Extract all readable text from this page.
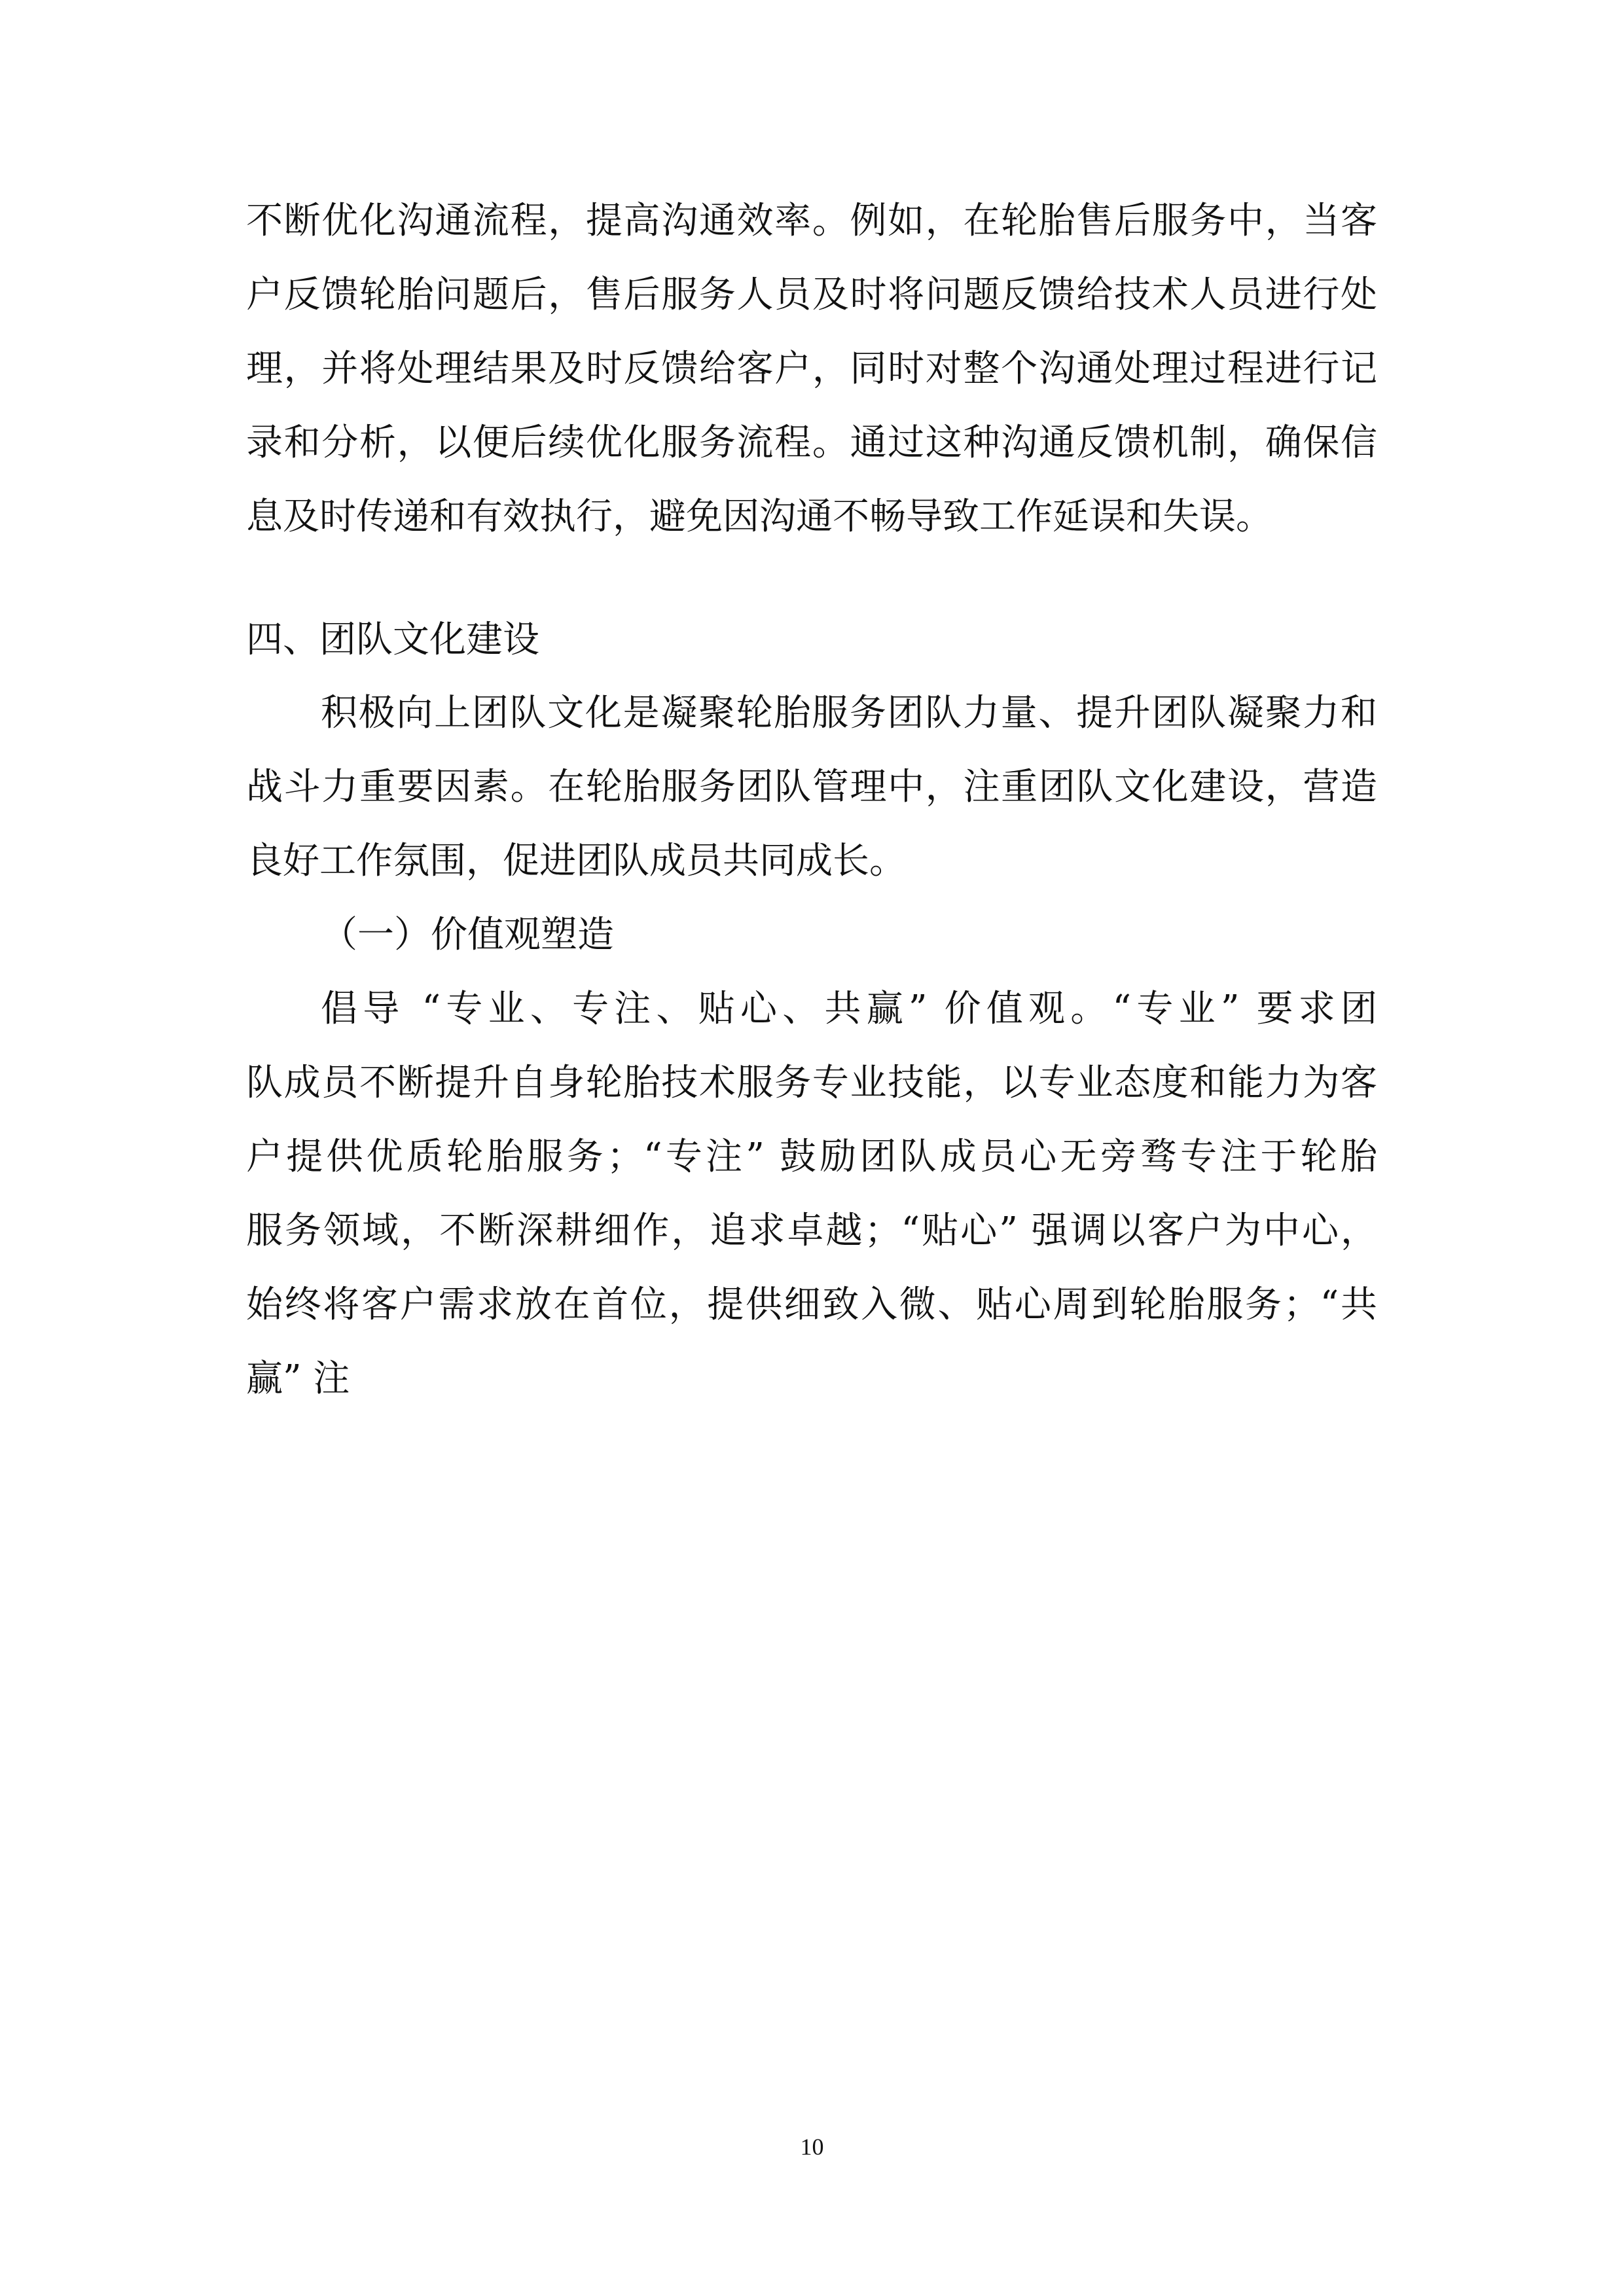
不断优化沟通流程，提高沟通效率。例如，在轮胎售后服务中，当客
户反馈轮胎问题后，售后服务人员及时将问题反馈给技术人员进行处
理，并将处理结果及时反馈给客户，同时对整个沟通处理过程进行记
录和分析，以便后续优化服务流程。通过这种沟通反馈机制，确保信
息及时传递和有效执行，避免因沟通不畅导致工作延误和失误。
四、团队文化建设
积极向上团队文化是凝聚轮胎服务团队力量、提升团队凝聚力和
战斗力重要因素。在轮胎服务团队管理中，注重团队文化建设，营造
良好工作氛围，促进团队成员共同成长。
（一）价值观塑造
倡导 “专业、专注、贴心、共赢” 价值观。“专业” 要求团
队成员不断提升自身轮胎技术服务专业技能，以专业态度和能力为客
户提供优质轮胎服务；“专注” 鼓励团队成员心无旁骛专注于轮胎
服务领域，不断深耕细作，追求卓越；“贴心” 强调以客户为中心，
始终将客户需求放在首位，提供细致入微、贴心周到轮胎服务；“共
赢” 注
10
